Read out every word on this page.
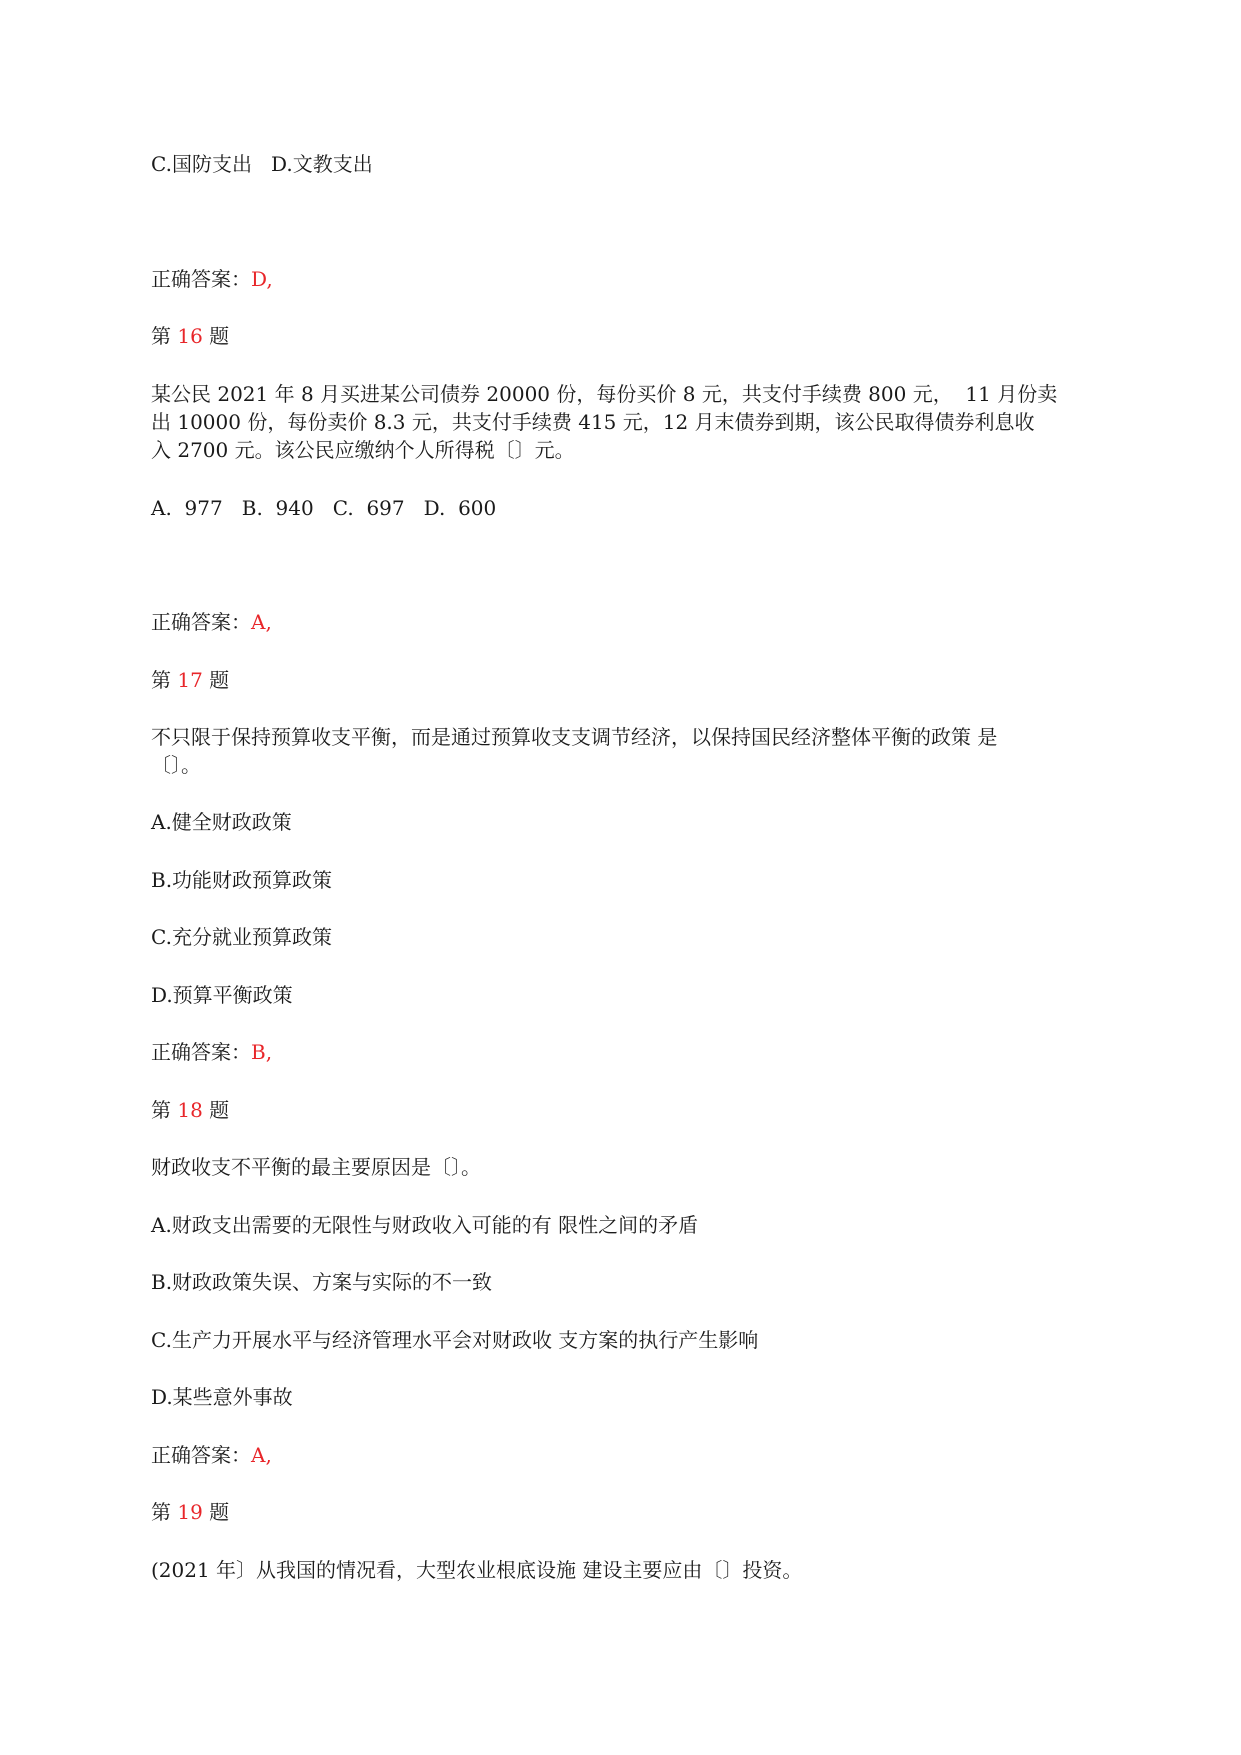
C.国防支出   D.文教支出
正确答案：D,
第 16 题
某公民 2021 年 8 月买进某公司债券 20000 份，每份买价 8 元，共支付手续费 800 元，  11 月份卖
出 10000 份，每份卖价 8.3 元，共支付手续费 415 元，12 月末债券到期，该公民取得债券利息收
入 2700 元。该公民应缴纳个人所得税〔〕元。
A.  977   B.  940   C.  697   D.  600
正确答案：A,
第 17 题
不只限于保持预算收支平衡，而是通过预算收支支调节经济，以保持国民经济整体平衡的政策 是
〔〕。
A.健全财政政策
B.功能财政预算政策
C.充分就业预算政策
D.预算平衡政策
正确答案：B,
第 18 题
财政收支不平衡的最主要原因是〔〕。
A.财政支出需要的无限性与财政收入可能的有 限性之间的矛盾
B.财政政策失误、方案与实际的不一致
C.生产力开展水平与经济管理水平会对财政收 支方案的执行产生影响
D.某些意外事故
正确答案：A,
第 19 题
(2021 年〕从我国的情况看，大型农业根底设施 建设主要应由〔〕投资。
